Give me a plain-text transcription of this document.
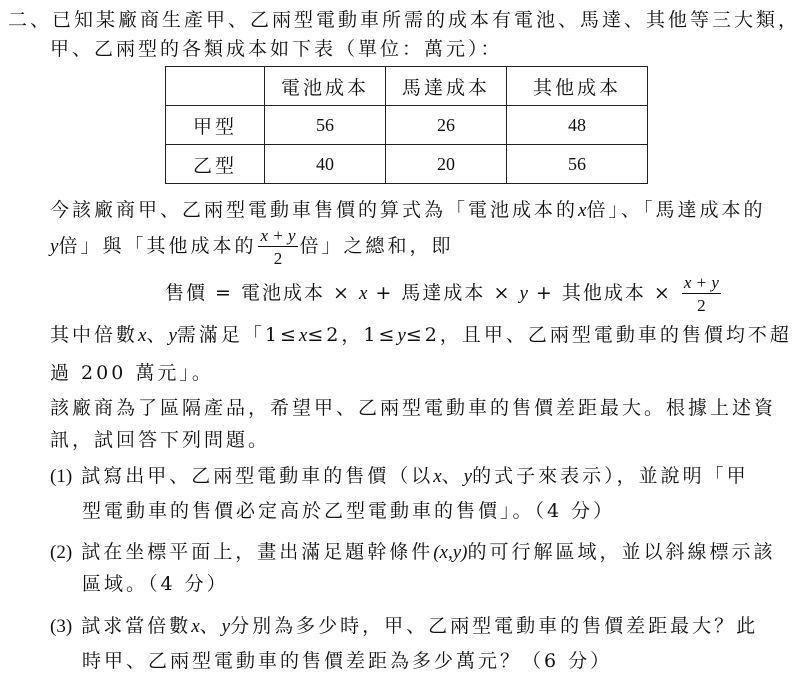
二、已知某廠商生產甲、乙兩型電動車所需的成本有電池、馬達、其他等三大類，
甲、乙兩型的各類成本如下表（單位：萬元）：
	電池成本	馬達成本	其他成本
甲型	56	26	48
乙型	40	20	56
今該廠商甲、乙兩型電動車售價的算式為「電池成本的x倍」、「馬達成本的
y倍」與「其他成本的 $\frac{x + y}{2}$ 倍」之總和，即
售價 = 電池成本 × x + 馬達成本 × y + 其他成本 × $\frac{x + y}{2}$
其中倍數x、y需滿足「1≤x≤2，1≤y≤2，且甲、乙兩型電動車的售價均不超
過 200 萬元」。
該廠商為了區隔產品，希望甲、乙兩型電動車的售價差距最大。根據上述資
訊，試回答下列問題。
(1) 試寫出甲、乙兩型電動車的售價（以x、y的式子來表示），並說明「甲
型電動車的售價必定高於乙型電動車的售價」。（4 分）
(2) 試在坐標平面上，畫出滿足題幹條件(x,y)的可行解區域，並以斜線標示該
區域。（4 分）
(3) 試求當倍數x、y分別為多少時，甲、乙兩型電動車的售價差距最大？此
時甲、乙兩型電動車的售價差距為多少萬元？（6 分）
